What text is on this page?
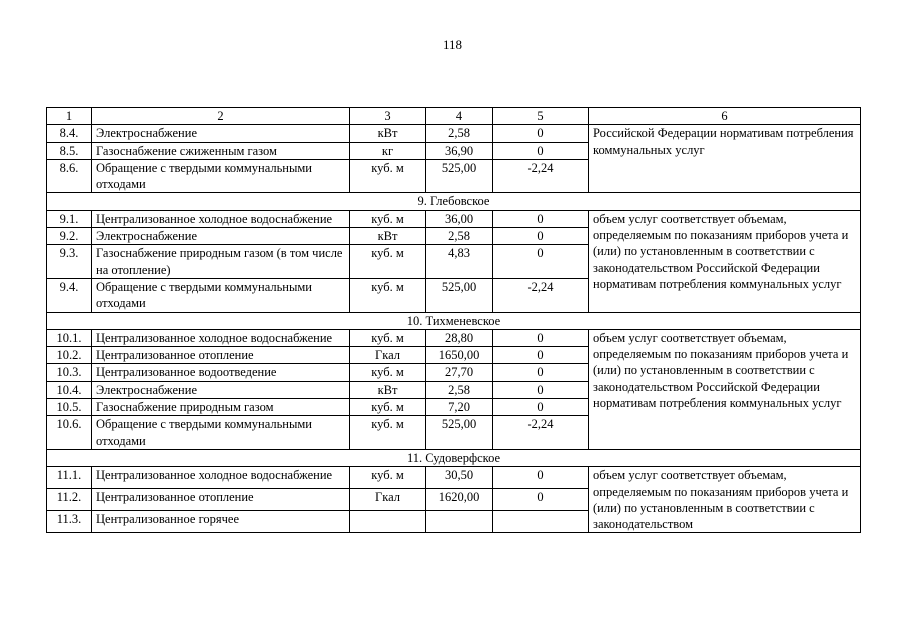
118
1	2	3	4	5	6
8.4.	Электроснабжение	кВт	2,58	0	Российской Федерации нормативам потребления коммунальных услуг
8.5.	Газоснабжение сжиженным газом	кг	36,90	0	
8.6.	Обращение с твердыми коммунальными отходами	куб. м	525,00	-2,24	
9. Глебовское					
9.1.	Централизованное холодное водоснабжение	куб. м	36,00	0	объем услуг соответствует объемам, определяемым по показаниям приборов учета и (или) по установленным в соответствии с законодательством Российской Федерации нормативам потребления коммунальных услуг
9.2.	Электроснабжение	кВт	2,58	0	
9.3.	Газоснабжение природным газом (в том числе на отопление)	куб. м	4,83	0	
9.4.	Обращение с твердыми коммунальными отходами	куб. м	525,00	-2,24	
10. Тихменевское					
10.1.	Централизованное холодное водоснабжение	куб. м	28,80	0	объем услуг соответствует объемам, определяемым по показаниям приборов учета и (или) по установленным в соответствии с законодательством Российской Федерации нормативам потребления коммунальных услуг
10.2.	Централизованное отопление	Гкал	1650,00	0	
10.3.	Централизованное водоотведение	куб. м	27,70	0	
10.4.	Электроснабжение	кВт	2,58	0	
10.5.	Газоснабжение природным газом	куб. м	7,20	0	
10.6.	Обращение с твердыми коммунальными отходами	куб. м	525,00	-2,24	
11. Судоверфское					
11.1.	Централизованное холодное водоснабжение	куб. м	30,50	0	объем услуг соответствует объемам, определяемым по показаниям приборов учета и (или) по установленным в соответствии с законодательством
11.2.	Централизованное отопление	Гкал	1620,00	0	
11.3.	Централизованное горячее				
